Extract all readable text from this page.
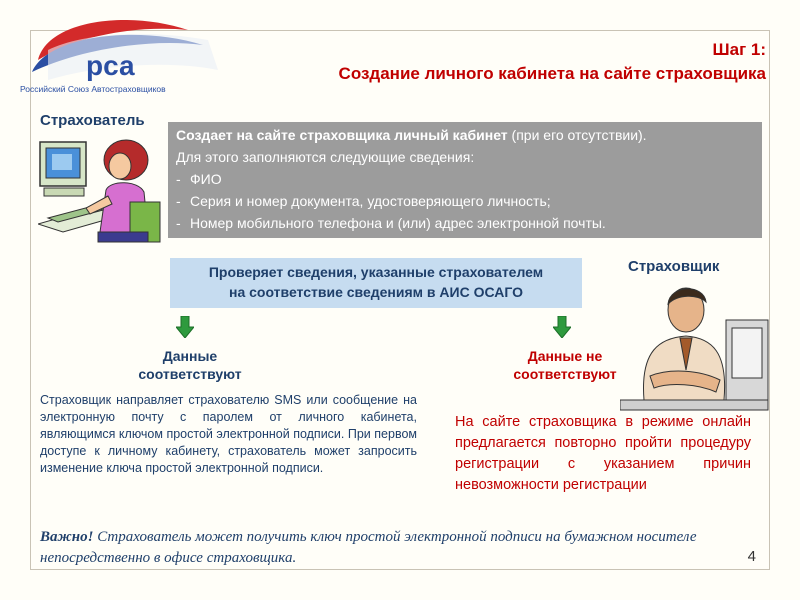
рса
Российский Союз Автостраховщиков
Шаг 1:
Создание личного кабинета на сайте страховщика
Страхователь
Создает на сайте страховщика личный кабинет (при его отсутствии).
Для этого заполняются следующие сведения:
- ФИО
- Серия и номер документа, удостоверяющего личность;
- Номер мобильного телефона и (или) адрес электронной почты.
Страховщик
Проверяет сведения, указанные страхователем
на соответствие сведениям в АИС ОСАГО
Данные соответствуют
Данные не соответствуют
Страховщик направляет страхователю SMS или сообщение на электронную почту с паролем от личного кабинета, являющимся ключом простой электронной подписи. При первом доступе к личному кабинету, страхователь может запросить изменение ключа простой электронной подписи.
На сайте страховщика в режиме онлайн предлагается повторно пройти процедуру регистрации с указанием причин невозможности регистрации
Важно! Страхователь может получить ключ простой электронной подписи на бумажном носителе непосредственно в офисе страховщика.	4
